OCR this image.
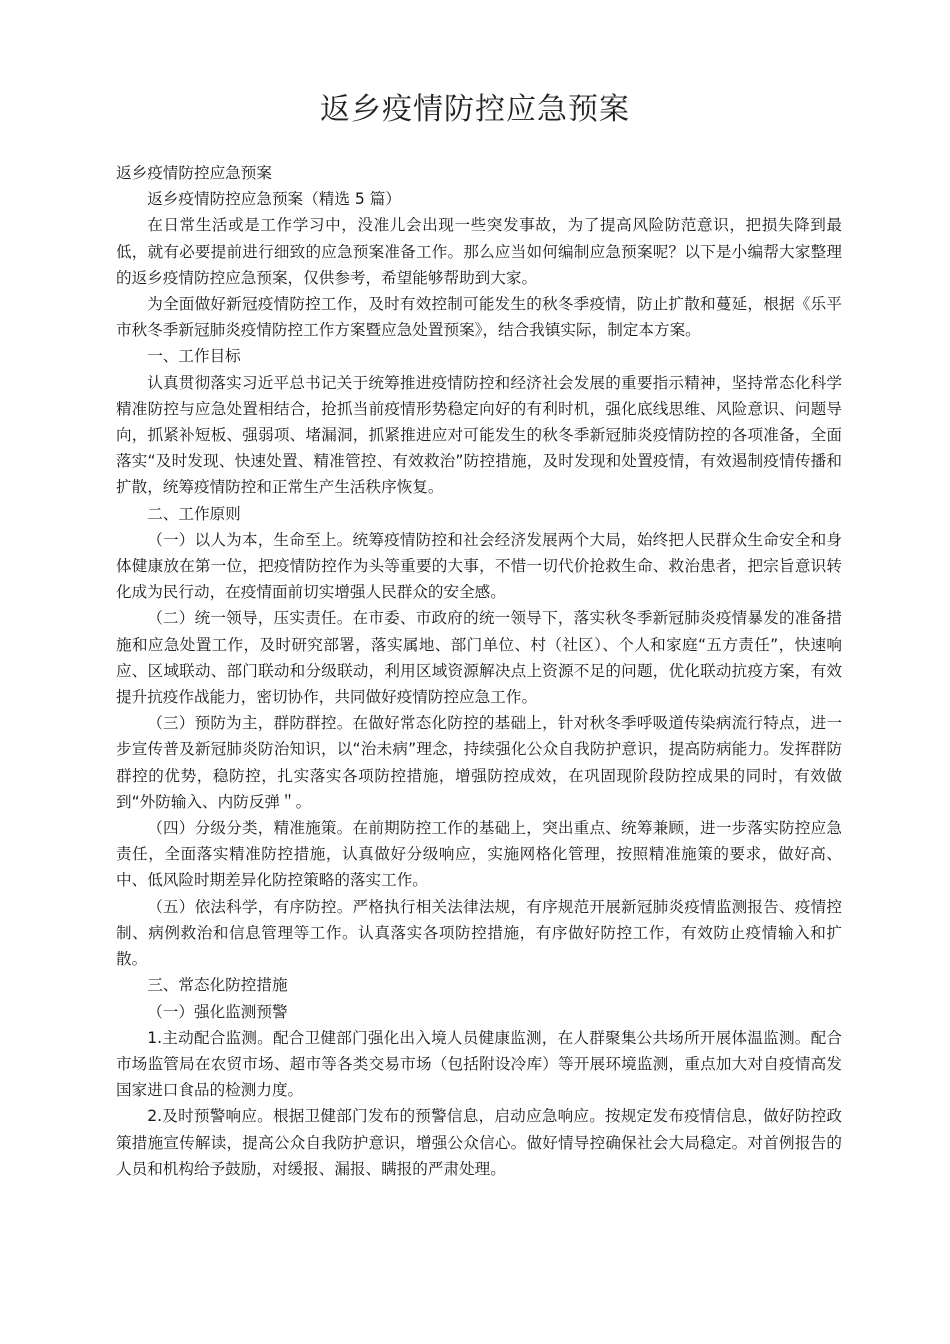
返乡疫情防控应急预案

返乡疫情防控应急预案

返乡疫情防控应急预案（精选 5 篇）

在日常生活或是工作学习中，没准儿会出现一些突发事故，为了提高风险防范意识，把损失降到最低，就有必要提前进行细致的应急预案准备工作。那么应当如何编制应急预案呢？以下是小编帮大家整理的返乡疫情防控应急预案，仅供参考，希望能够帮助到大家。

为全面做好新冠疫情防控工作，及时有效控制可能发生的秋冬季疫情，防止扩散和蔓延，根据《乐平市秋冬季新冠肺炎疫情防控工作方案暨应急处置预案》，结合我镇实际，制定本方案。

一、工作目标

认真贯彻落实习近平总书记关于统筹推进疫情防控和经济社会发展的重要指示精神，坚持常态化科学精准防控与应急处置相结合，抢抓当前疫情形势稳定向好的有利时机，强化底线思维、风险意识、问题导向，抓紧补短板、强弱项、堵漏洞，抓紧推进应对可能发生的秋冬季新冠肺炎疫情防控的各项准备，全面落实“及时发现、快速处置、精准管控、有效救治”防控措施，及时发现和处置疫情，有效遏制疫情传播和扩散，统筹疫情防控和正常生产生活秩序恢复。

二、工作原则

（一）以人为本，生命至上。统筹疫情防控和社会经济发展两个大局，始终把人民群众生命安全和身体健康放在第一位，把疫情防控作为头等重要的大事，不惜一切代价抢救生命、救治患者，把宗旨意识转化成为民行动，在疫情面前切实增强人民群众的安全感。

（二）统一领导，压实责任。在市委、市政府的统一领导下，落实秋冬季新冠肺炎疫情暴发的准备措施和应急处置工作，及时研究部署，落实属地、部门单位、村（社区）、个人和家庭“五方责任”，快速响应、区域联动、部门联动和分级联动，利用区域资源解决点上资源不足的问题，优化联动抗疫方案，有效提升抗疫作战能力，密切协作，共同做好疫情防控应急工作。

（三）预防为主，群防群控。在做好常态化防控的基础上，针对秋冬季呼吸道传染病流行特点，进一步宣传普及新冠肺炎防治知识，以“治未病”理念，持续强化公众自我防护意识，提高防病能力。发挥群防群控的优势，稳防控，扎实落实各项防控措施，增强防控成效，在巩固现阶段防控成果的同时，有效做到“外防输入、内防反弹＂。

（四）分级分类，精准施策。在前期防控工作的基础上，突出重点、统筹兼顾，进一步落实防控应急责任，全面落实精准防控措施，认真做好分级响应，实施网格化管理，按照精准施策的要求，做好高、中、低风险时期差异化防控策略的落实工作。

（五）依法科学，有序防控。严格执行相关法律法规，有序规范开展新冠肺炎疫情监测报告、疫情控制、病例救治和信息管理等工作。认真落实各项防控措施，有序做好防控工作，有效防止疫情输入和扩散。

三、常态化防控措施

（一）强化监测预警

1.主动配合监测。配合卫健部门强化出入境人员健康监测，在人群聚集公共场所开展体温监测。配合市场监管局在农贸市场、超市等各类交易市场（包括附设冷库）等开展环境监测，重点加大对自疫情高发国家进口食品的检测力度。

2.及时预警响应。根据卫健部门发布的预警信息，启动应急响应。按规定发布疫情信息，做好防控政策措施宣传解读，提高公众自我防护意识，增强公众信心。做好情导控确保社会大局稳定。对首例报告的人员和机构给予鼓励，对缓报、漏报、瞒报的严肃处理。
